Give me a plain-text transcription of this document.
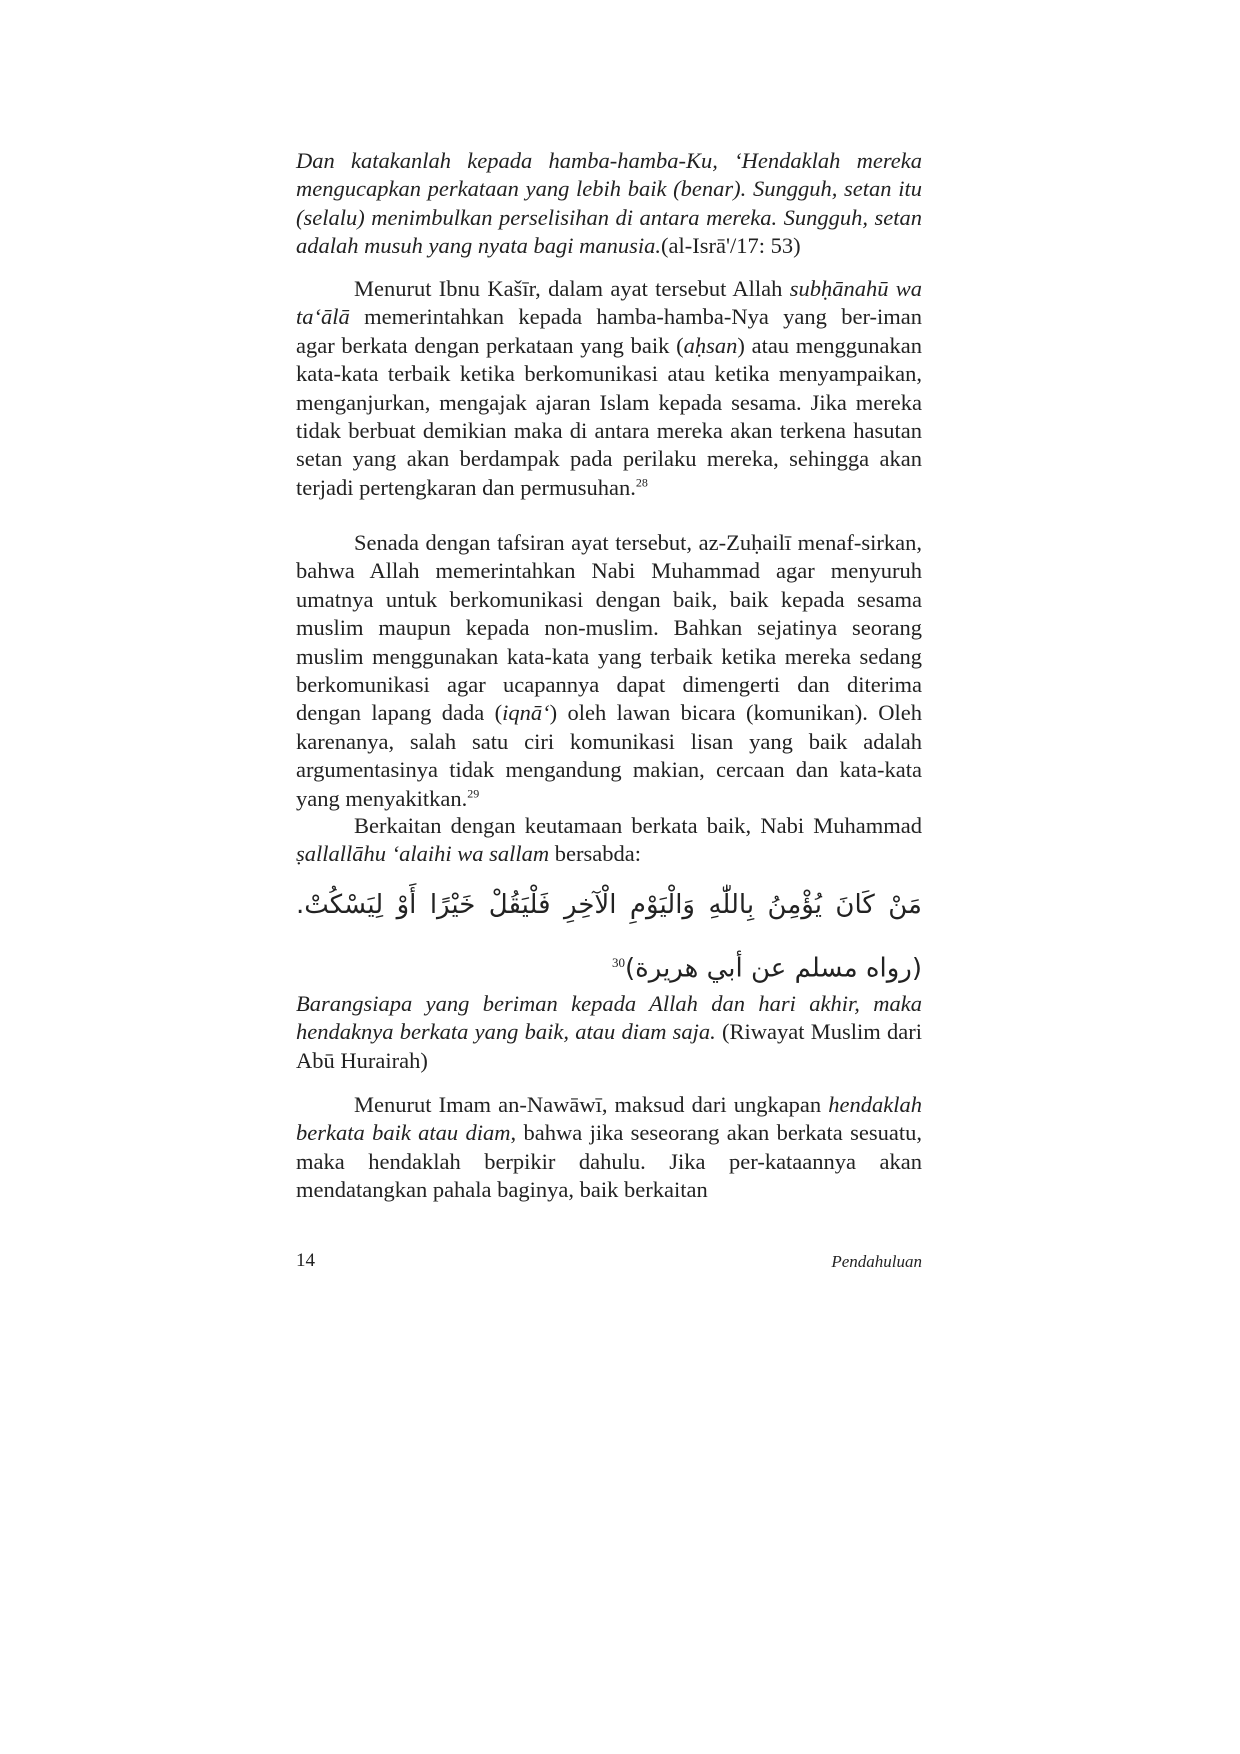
Dan katakanlah kepada hamba-hamba-Ku, ‘Hendaklah mereka mengucapkan perkataan yang lebih baik (benar). Sungguh, setan itu (selalu) menimbulkan perselisihan di antara mereka. Sungguh, setan adalah musuh yang nyata bagi manusia.(al-Isrā'/17: 53)

Menurut Ibnu Kašīr, dalam ayat tersebut Allah subḥānahū wa ta‘ālā memerintahkan kepada hamba-hamba-Nya yang ber-iman agar berkata dengan perkataan yang baik (aḥsan) atau menggunakan kata-kata terbaik ketika berkomunikasi atau ketika menyampaikan, menganjurkan, mengajak ajaran Islam kepada sesama. Jika mereka tidak berbuat demikian maka di antara mereka akan terkena hasutan setan yang akan berdampak pada perilaku mereka, sehingga akan terjadi pertengkaran dan permusuhan.$^{28}$

Senada dengan tafsiran ayat tersebut, az-Zuḥailī menaf-sirkan, bahwa Allah memerintahkan Nabi Muhammad agar menyuruh umatnya untuk berkomunikasi dengan baik, baik kepada sesama muslim maupun kepada non-muslim. Bahkan sejatinya seorang muslim menggunakan kata-kata yang terbaik ketika mereka sedang berkomunikasi agar ucapannya dapat dimengerti dan diterima dengan lapang dada (iqnā‘) oleh lawan bicara (komunikan). Oleh karenanya, salah satu ciri komunikasi lisan yang baik adalah argumentasinya tidak mengandung makian, cercaan dan kata-kata yang menyakitkan.$^{29}$

Berkaitan dengan keutamaan berkata baik, Nabi Muhammad ṣallallāhu ‘alaihi wa sallam bersabda:

مَنْ كَانَ يُؤْمِنُ بِاللّٰهِ وَالْيَوْمِ الْآخِرِ فَلْيَقُلْ خَيْرًا أَوْ لِيَسْكُتْ. (رواه مسلم عن أبي هريرة)$^{30}$

Barangsiapa yang beriman kepada Allah dan hari akhir, maka hendaknya berkata yang baik, atau diam saja. (Riwayat Muslim dari Abū Hurairah)

Menurut Imam an-Nawāwī, maksud dari ungkapan hendaklah berkata baik atau diam, bahwa jika seseorang akan berkata sesuatu, maka hendaklah berpikir dahulu. Jika per-kataannya akan mendatangkan pahala baginya, baik berkaitan

14	Pendahuluan
